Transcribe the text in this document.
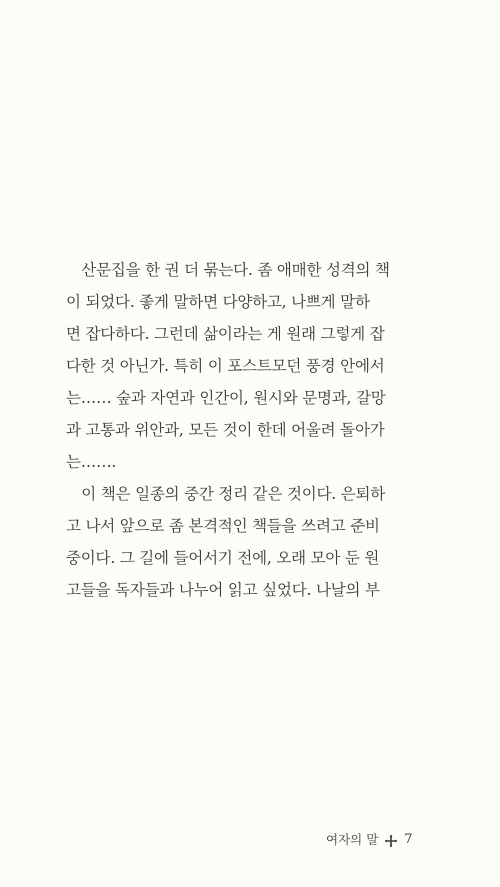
　산문집을 한 권 더 묶는다. 좀 애매한 성격의 책
이 되었다. 좋게 말하면 다양하고, 나쁘게 말하
면 잡다하다. 그런데 삶이라는 게 원래 그렇게 잡
다한 것 아닌가. 특히 이 포스트모던 풍경 안에서
는…… 숲과 자연과 인간이, 원시와 문명과, 갈망
과 고통과 위안과, 모든 것이 한데 어울려 돌아가
는…….
　이 책은 일종의 중간 정리 같은 것이다. 은퇴하
고 나서 앞으로 좀 본격적인 책들을 쓰려고 준비
중이다. 그 길에 들어서기 전에, 오래 모아 둔 원
고들을 독자들과 나누어 읽고 싶었다. 나날의 부
여자의 말 7
